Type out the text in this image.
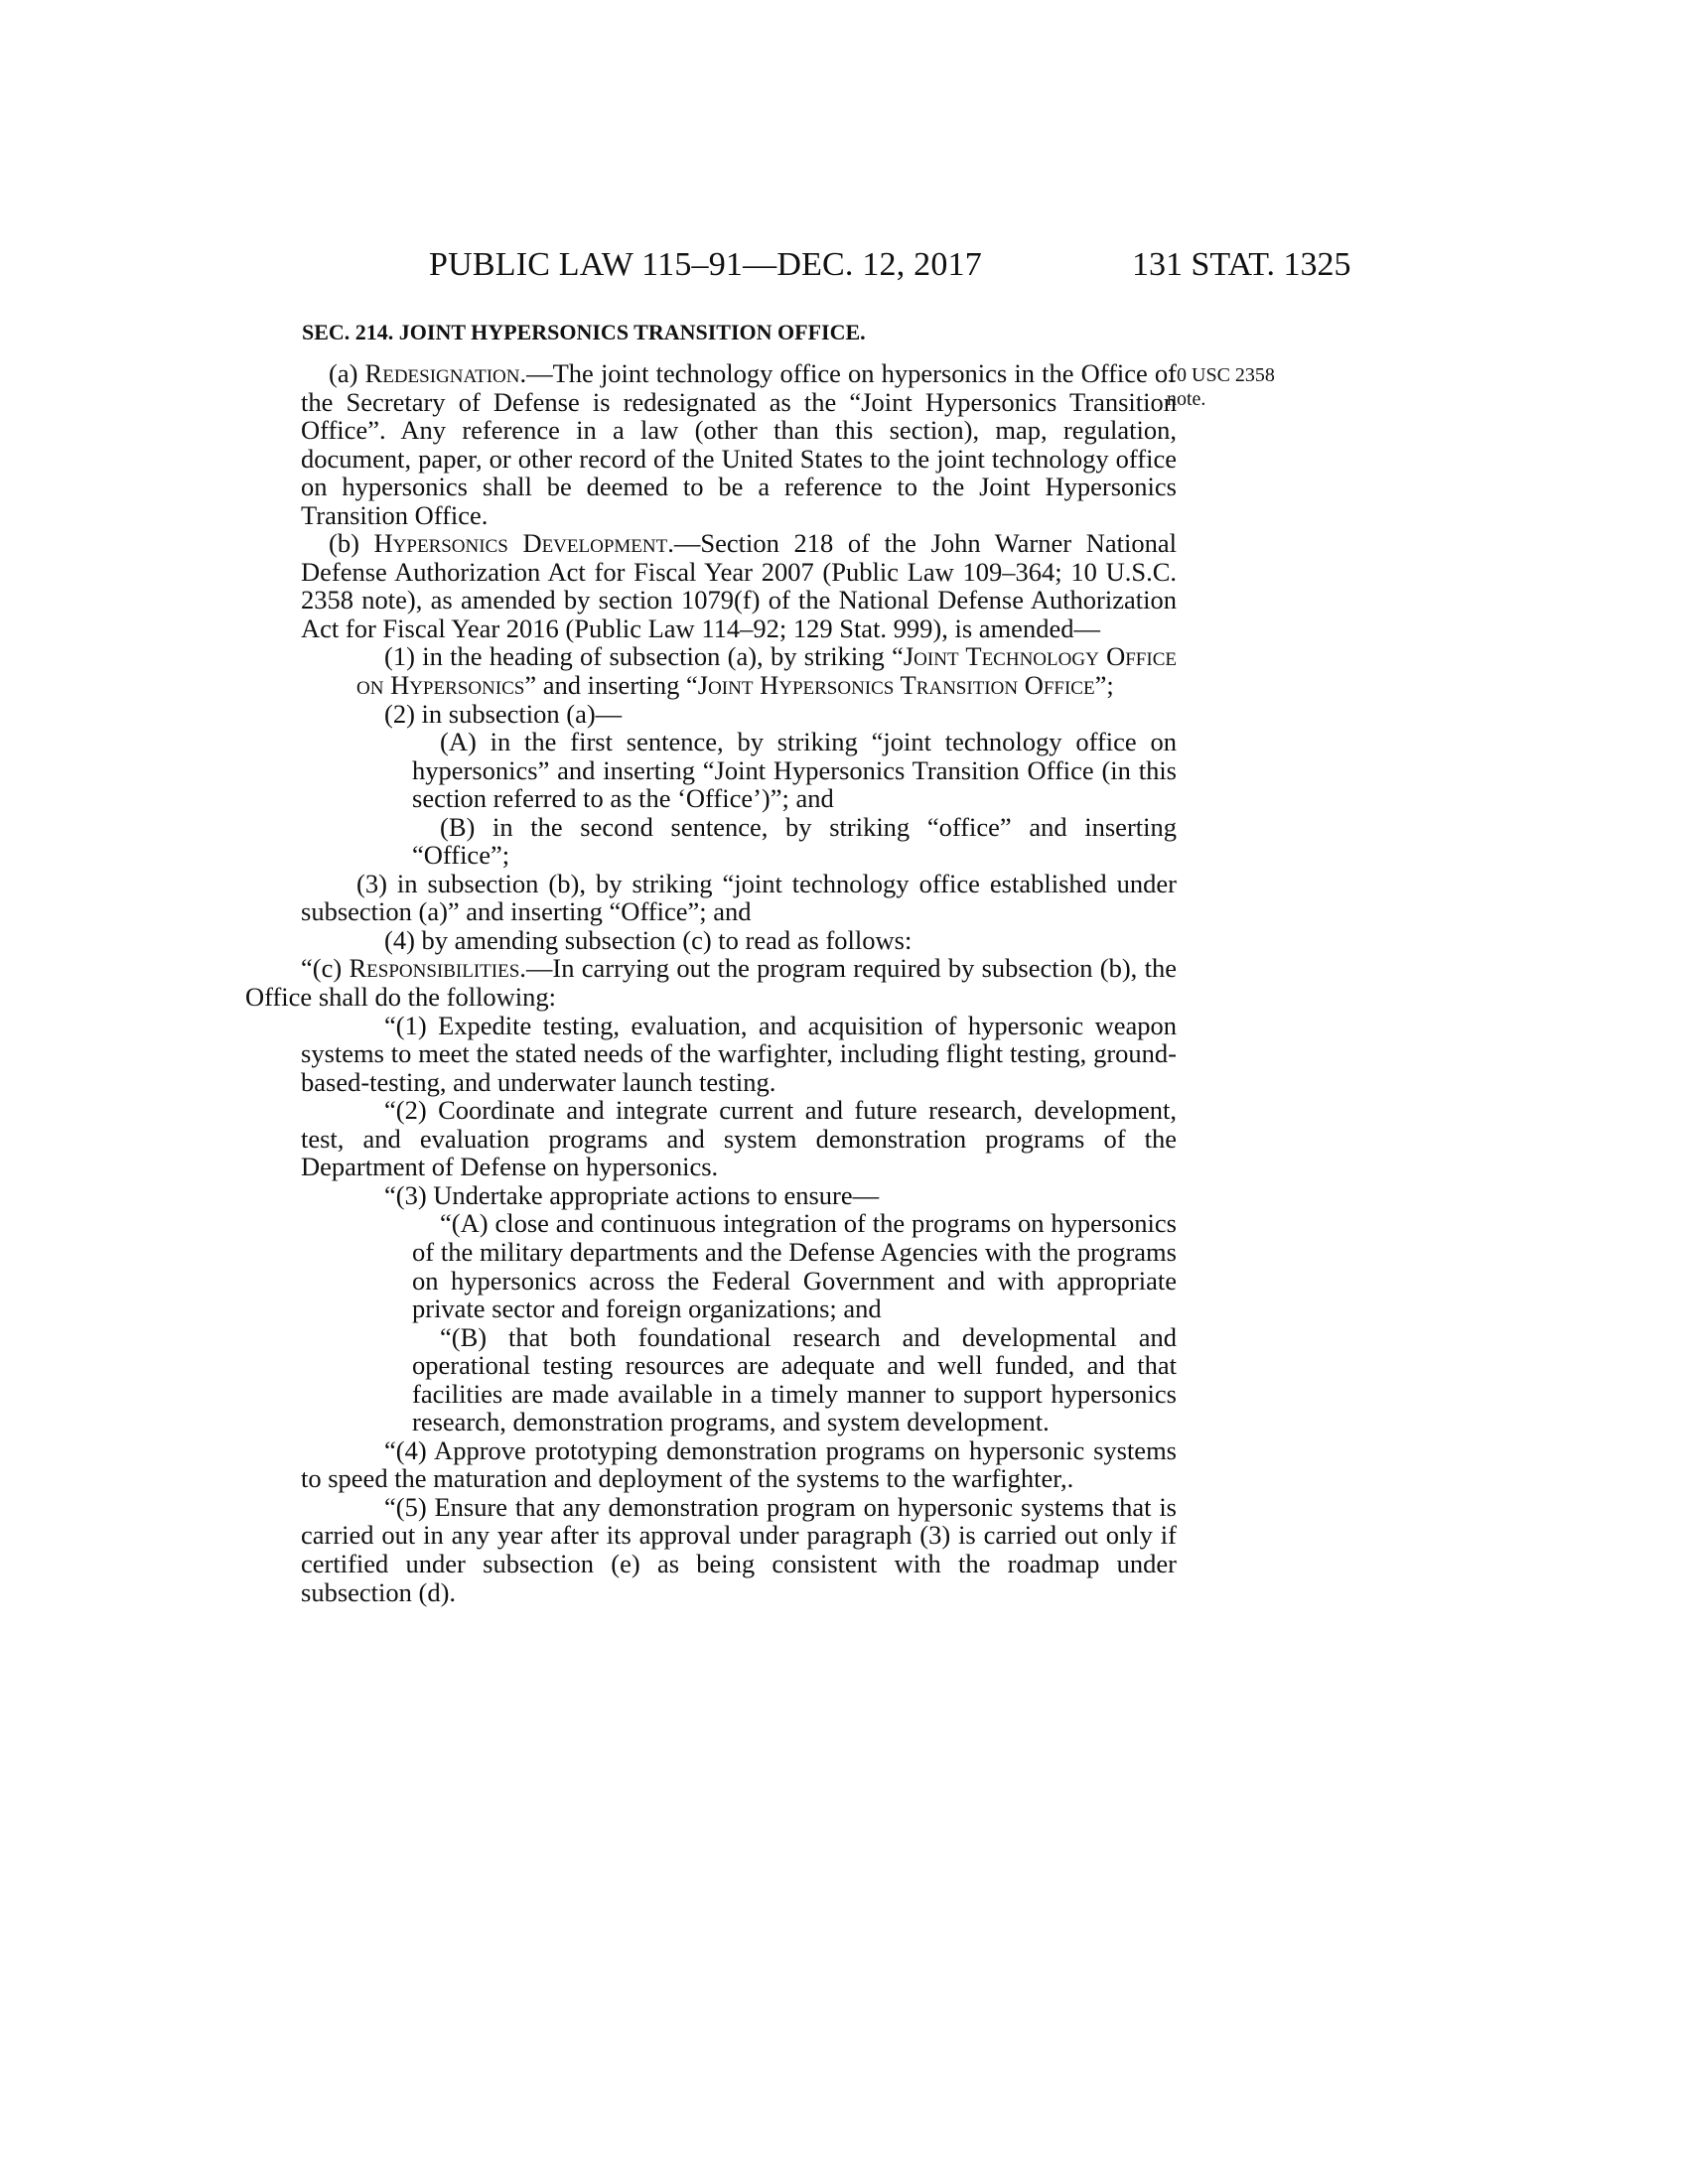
PUBLIC LAW 115–91—DEC. 12, 2017	131 STAT. 1325
SEC. 214. JOINT HYPERSONICS TRANSITION OFFICE.
10 USC 2358
note.

(a) Redesignation.—The joint technology office on hypersonics in the Office of the Secretary of Defense is redesignated as the “Joint Hypersonics Transition Office”. Any reference in a law (other than this section), map, regulation, document, paper, or other record of the United States to the joint technology office on hypersonics shall be deemed to be a reference to the Joint Hypersonics Transition Office.

(b) Hypersonics Development.—Section 218 of the John Warner National Defense Authorization Act for Fiscal Year 2007 (Public Law 109–364; 10 U.S.C. 2358 note), as amended by section 1079(f) of the National Defense Authorization Act for Fiscal Year 2016 (Public Law 114–92; 129 Stat. 999), is amended—

(1) in the heading of subsection (a), by striking “Joint Technology Office on Hypersonics” and inserting “Joint Hypersonics Transition Office”;

(2) in subsection (a)—

(A) in the first sentence, by striking “joint technology office on hypersonics” and inserting “Joint Hypersonics Transition Office (in this section referred to as the ‘Office’)”; and

(B) in the second sentence, by striking “office” and inserting “Office”;

(3) in subsection (b), by striking “joint technology office established under subsection (a)” and inserting “Office”; and

(4) by amending subsection (c) to read as follows:

“(c) Responsibilities.—In carrying out the program required by subsection (b), the Office shall do the following:

“(1) Expedite testing, evaluation, and acquisition of hypersonic weapon systems to meet the stated needs of the warfighter, including flight testing, ground-based-testing, and underwater launch testing.

“(2) Coordinate and integrate current and future research, development, test, and evaluation programs and system demonstration programs of the Department of Defense on hypersonics.

“(3) Undertake appropriate actions to ensure—

“(A) close and continuous integration of the programs on hypersonics of the military departments and the Defense Agencies with the programs on hypersonics across the Federal Government and with appropriate private sector and foreign organizations; and

“(B) that both foundational research and developmental and operational testing resources are adequate and well funded, and that facilities are made available in a timely manner to support hypersonics research, demonstration programs, and system development.

“(4) Approve prototyping demonstration programs on hypersonic systems to speed the maturation and deployment of the systems to the warfighter,.

“(5) Ensure that any demonstration program on hypersonic systems that is carried out in any year after its approval under paragraph (3) is carried out only if certified under subsection (e) as being consistent with the roadmap under subsection (d).
